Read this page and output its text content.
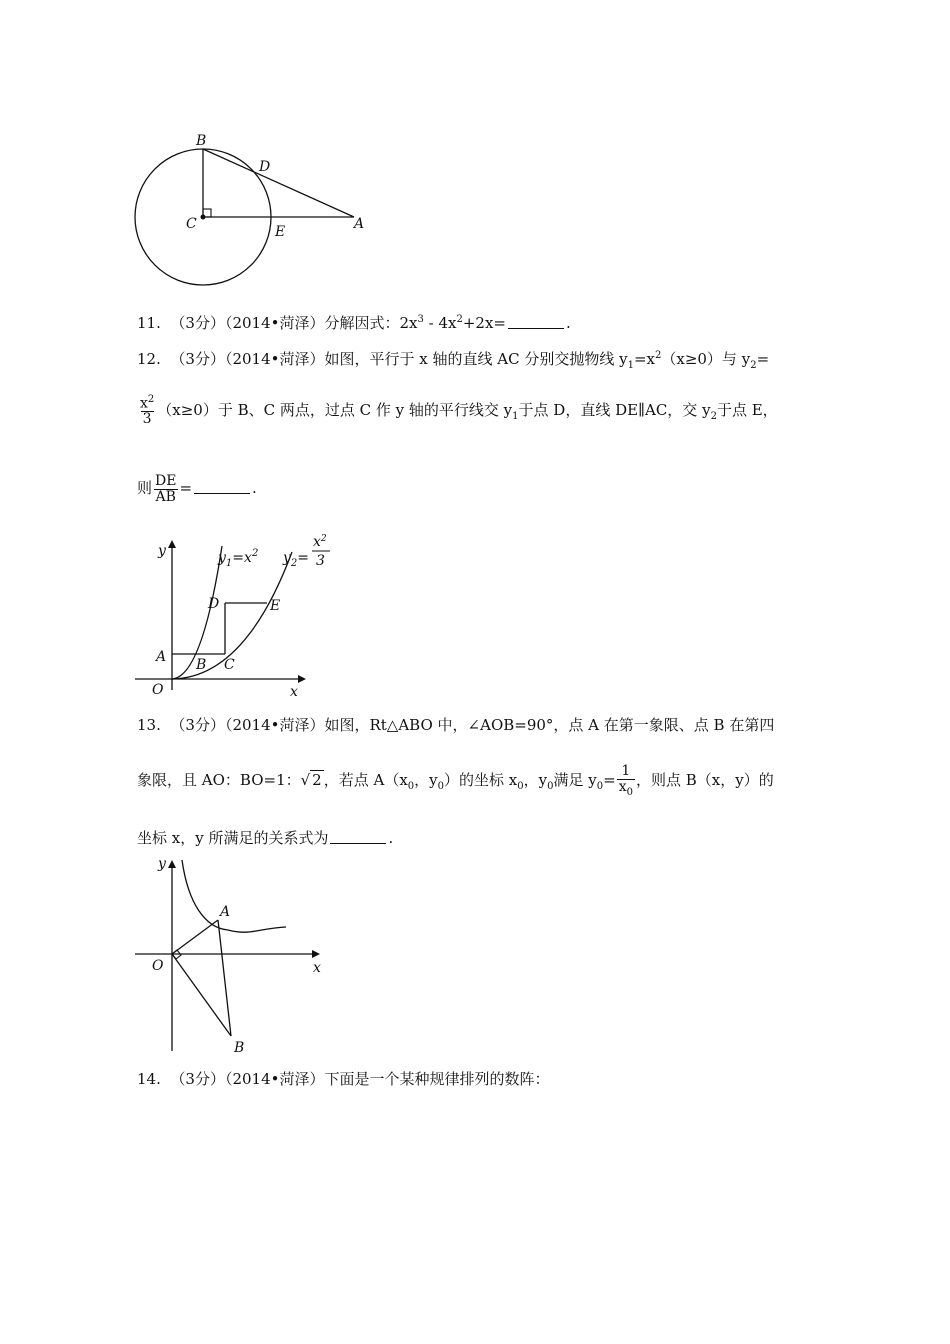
B
D
C	E	A
11. （3分）（2014•菏泽）分解因式：$2x^3 - 4x^2+2x=$	.
12. （3分）（2014•菏泽）如图，平行于 x 轴的直线 AC 分别交抛物线 $y_1=x^2(x\ge 0)$与 $y_2=$
$\frac{x^2}{3} (x\ge 0)$于 B、C 两点，过点 C 作 y 轴的平行线交 $y_1$于点 D，直线 DE∥AC，交 $y_2$于点 E，
则 $\frac{DE}{AB}$ =	.
y
x
O
A B C
D	E
$y_1=x^2$ $y_2=$
$x^2$
3
13. （3分）（2014•菏泽）如图，Rt△ABO 中，∠AOB=90°，点 A 在第一象限、点 B 在第四
象限，且 AO：BO=1：√ 2 ，若点 $A(x_0$，$y_0$）的坐标 $x_0$，$y_0$满足 $y_0= \frac{1}{x_0}$ ，则点 B（x，y）的
坐标 x，y 所满足的关系式为	.
y
x
O
A
B
14. （3分）（2014•菏泽）下面是一个某种规律排列的数阵：
